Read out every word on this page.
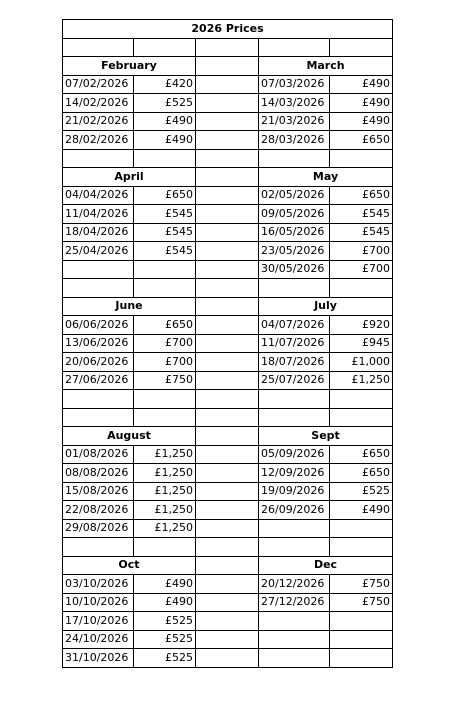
2026 Prices				

February			March	
07/02/2026	£420		07/03/2026	£490
14/02/2026	£525		14/03/2026	£490
21/02/2026	£490		21/03/2026	£490
28/02/2026	£490		28/03/2026	£650

April			May	
04/04/2026	£650		02/05/2026	£650
11/04/2026	£545		09/05/2026	£545
18/04/2026	£545		16/05/2026	£545
25/04/2026	£545		23/05/2026	£700
			30/05/2026	£700

June			July	
06/06/2026	£650		04/07/2026	£920
13/06/2026	£700		11/07/2026	£945
20/06/2026	£700		18/07/2026	£1,000
27/06/2026	£750		25/07/2026	£1,250

August			Sept	
01/08/2026	£1,250		05/09/2026	£650
08/08/2026	£1,250		12/09/2026	£650
15/08/2026	£1,250		19/09/2026	£525
22/08/2026	£1,250		26/09/2026	£490
29/08/2026	£1,250			

Oct			Dec	
03/10/2026	£490		20/12/2026	£750
10/10/2026	£490		27/12/2026	£750
17/10/2026	£525			
24/10/2026	£525			
31/10/2026	£525			
